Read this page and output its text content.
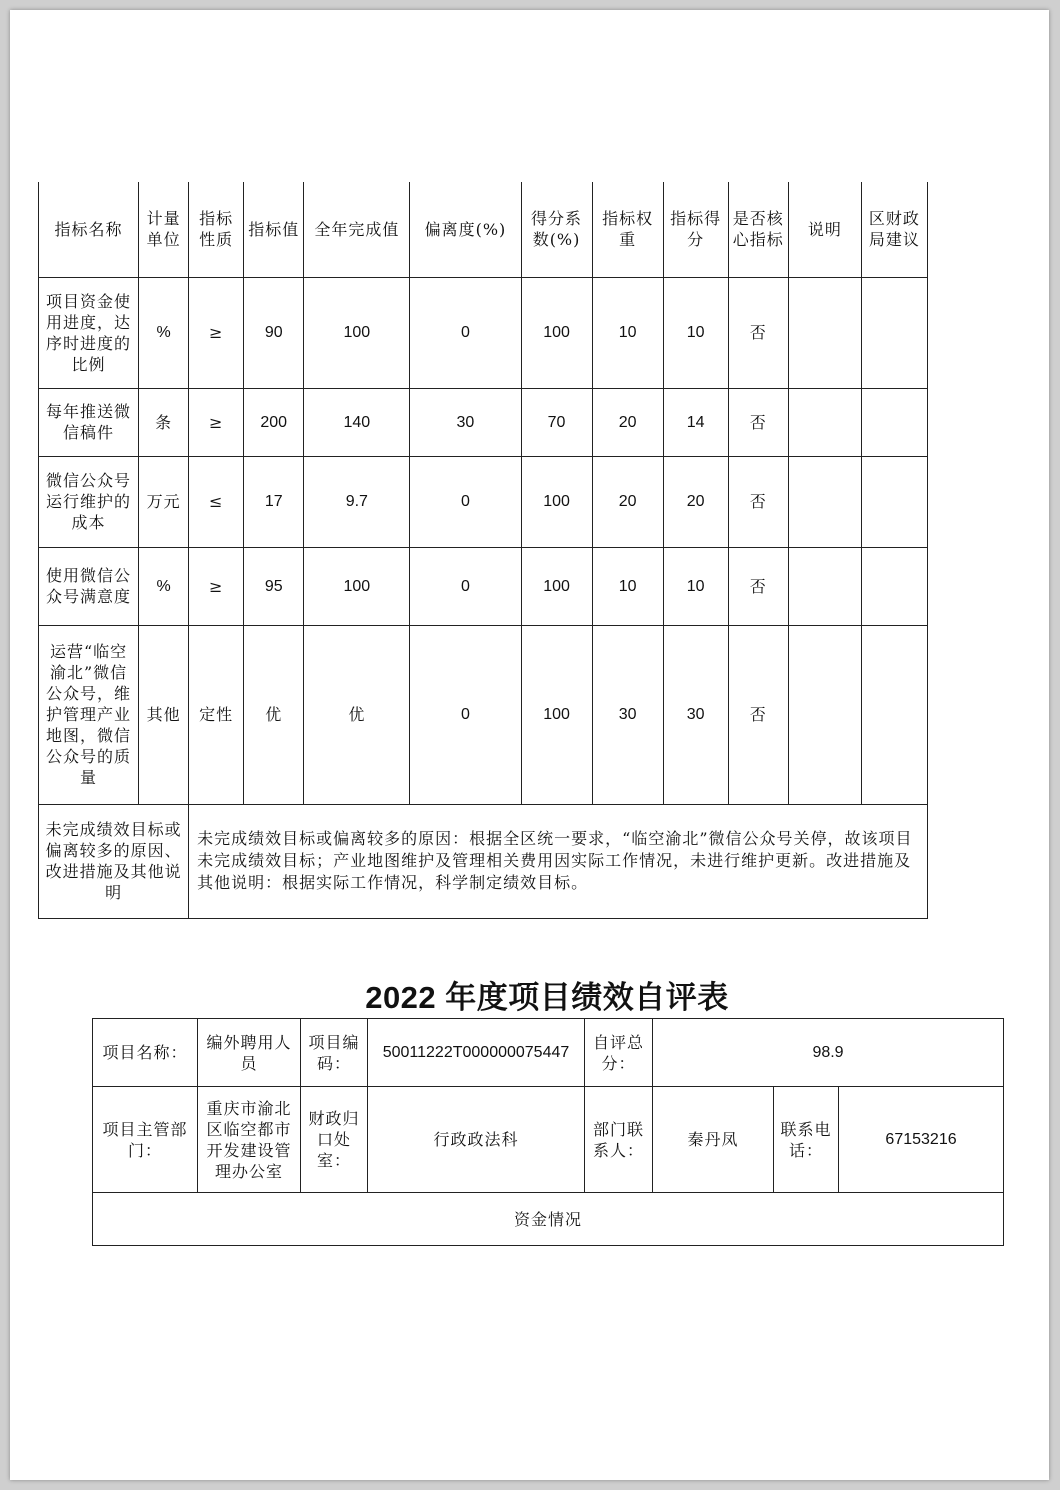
指标名称	计量单位	指标性质	指标值	全年完成值	偏离度(%)	得分系数(%)	指标权重	指标得分	是否核心指标	说明	区财政局建议
项目资金使用进度，达序时进度的比例	%	≥	90	100	0	100	10	10	否		
每年推送微信稿件	条	≥	200	140	30	70	20	14	否		
微信公众号运行维护的成本	万元	≤	17	9.7	0	100	20	20	否		
使用微信公众号满意度	%	≥	95	100	0	100	10	10	否		
运营“临空渝北”微信公众号，维护管理产业地图，微信公众号的质量	其他	定性	优	优	0	100	30	30	否		
未完成绩效目标或偏离较多的原因、改进措施及其他说明		未完成绩效目标或偏离较多的原因：根据全区统一要求，“临空渝北”微信公众号关停，故该项目未完成绩效目标；产业地图维护及管理相关费用因实际工作情况，未进行维护更新。改进措施及其他说明：根据实际工作情况，科学制定绩效目标。									
2022 年度项目绩效自评表
项目名称：	编外聘用人员	项目编码：	50011222T000000075447	自评总分：	98.9		
项目主管部门：	重庆市渝北区临空都市开发建设管理办公室	财政归口处室：	行政政法科	部门联系人：	秦丹凤	联系电话：	67153216
资金情况							
